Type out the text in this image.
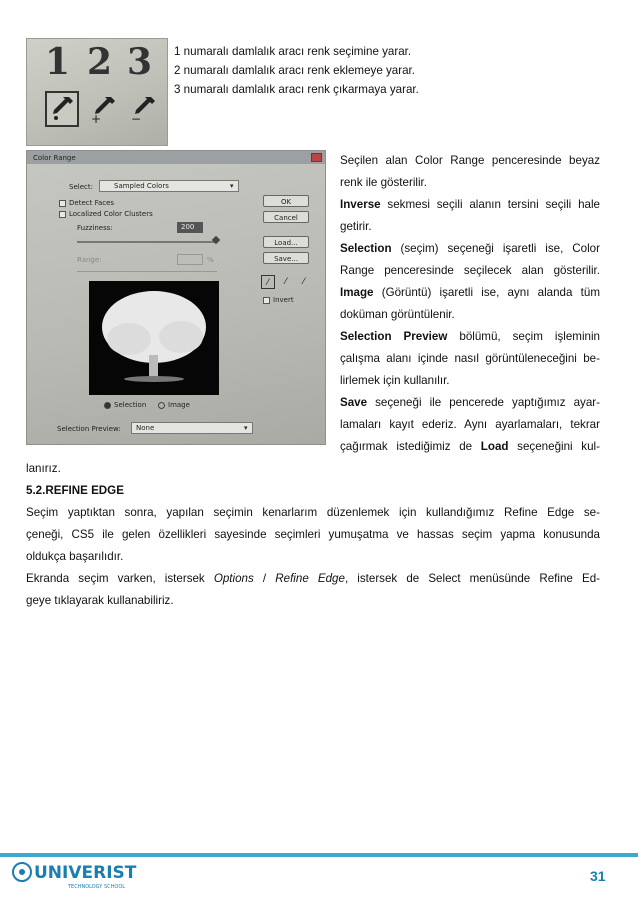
1 2 3
+ −
1 numaralı damlalık aracı renk seçimine yarar.
2 numaralı damlalık aracı renk eklemeye yarar.
3 numaralı damlalık aracı renk çıkarmaya yarar.
Color Range
Select:	Sampled Colors	▾
Detect Faces
Localized Color Clusters
Fuzziness:	200
Range:	%
Selection	Image
Selection Preview: None	▾
OK
Cancel
Load...
Save...
⁄	⁄	⁄
Invert
Seçilen alan Color Range penceresinde beyaz
renk ile gösterilir.
Inverse sekmesi seçili alanın tersini seçili hale
getirir.
Selection (seçim) seçeneği işaretli ise, Color
Range penceresinde seçilecek alan gösterilir.
Image (Görüntü) işaretli ise, aynı alanda tüm
doküman görüntülenir.
Selection Preview bölümü, seçim işleminin
çalışma alanı içinde nasıl görüntüleneceğini be-
lirlemek için kullanılır.
Save seçeneği ile pencerede yaptığımız ayar-
lamaları kayıt ederiz. Aynı ayarlamaları, tekrar
çağırmak istediğimiz de Load seçeneğini kul-
lanırız.
5.2.REFINE EDGE
Seçim yaptıktan sonra, yapılan seçimin kenarlarım düzenlemek için kullandığımız Refine Edge se-
çeneği, CS5 ile gelen özellikleri sayesinde seçimleri yumuşatma ve hassas seçim yapma konusunda
oldukça başarılıdır.
Ekranda seçim varken, istersek Options / Refine Edge, istersek de Select menüsünde Refine Ed-
geye tıklayarak kullanabiliriz.
UNIVERIST
TECHNOLOGY SCHOOL
31
